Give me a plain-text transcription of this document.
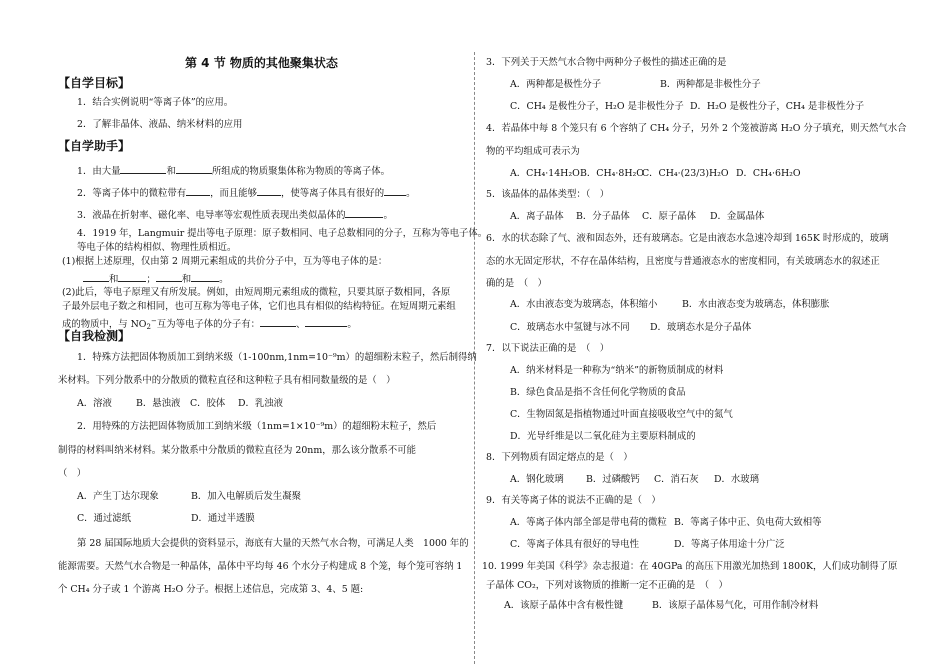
第 4 节 物质的其他聚集状态
【自学目标】
1．结合实例说明“等离子体”的应用。
2．了解非晶体、液晶、纳米材料的应用
【自学助手】
1．由大量	和	所组成的物质聚集体称为物质的等离子体。
2．等离子体中的微粒带有	，而且能够	，使等离子体具有很好的 。
3．液晶在折射率、磁化率、电导率等宏观性质表现出类似晶体的	。
4．1919 年，Langmuir 提出等电子原理：原子数相同、电子总数相同的分子，互称为等电子体。
等电子体的结构相似、物理性质相近。
(1)根据上述原理，仅由第 2 周期元素组成的共价分子中，互为等电子体的是：
和	；	和	。
(2)此后，等电子原理又有所发展。例如，由短周期元素组成的微粒，只要其原子数相同，各原
子最外层电子数之和相同，也可互称为等电子体，它们也具有相似的结构特征。在短周期元素组
成的物质中，与 $NO_2^-$互为等电子体的分子有：	、	。
【自我检测】
1．特殊方法把固体物质加工到纳米级（1-100nm,1nm=10⁻⁹m）的超细粉末粒子，然后制得纳
米材料。下列分散系中的分散质的微粒直径和这种粒子具有相同数量级的是（　）
A．溶液	B．悬浊液 C．胶体 D．乳浊液
2．用特殊的方法把固体物质加工到纳米级（1nm=1×10⁻⁹m）的超细粉末粒子，然后
制得的材料叫纳米材料。某分散系中分散质的微粒直径为 20nm，那么该分散系不可能
（　）
A．产生丁达尔现象	B．加入电解质后发生凝聚
C．通过滤纸	D．通过半透膜
第 28 届国际地质大会提供的资料显示，海底有大量的天然气水合物，可满足人类　1000 年的
能源需要。天然气水合物是一种晶体，晶体中平均每 46 个水分子构建成 8 个笼，每个笼可容纳 1
个 CH₄ 分子或 1 个游离 H₂O 分子。根据上述信息，完成第 3、4、5 题:
3．下列关于天然气水合物中两种分子极性的描述正确的是
A．两种都是极性分子	B．两种都是非极性分子
C．CH₄ 是极性分子，H₂O 是非极性分子 D．H₂O 是极性分子，CH₄ 是非极性分子
4．若晶体中每 8 个笼只有 6 个容纳了 CH₄ 分子，另外 2 个笼被游离 H₂O 分子填充，则天然气水合
物的平均组成可表示为
A．CH₄·14H₂O B．CH₄·8H₂O
C．CH₄·(23/3)H₂O D．CH₄·6H₂O
5．该晶体的晶体类型：（　）
A．离子晶体 B．分子晶体 C．原子晶体 D．金属晶体
6．水的状态除了气、液和固态外，还有玻璃态。它是由液态水急速冷却到 165K 时形成的，玻璃
态的水无固定形状，不存在晶体结构，且密度与普通液态水的密度相同，有关玻璃态水的叙述正
确的是　（　）
A．水由液态变为玻璃态，体积缩小	B．水由液态变为玻璃态，体积膨胀
C．玻璃态水中氢键与冰不同 D．玻璃态水是分子晶体
7．以下说法正确的是　（　）
A．纳米材料是一种称为“纳米”的新物质制成的材料
B．绿色食品是指不含任何化学物质的食品
C．生物固氮是指植物通过叶面直接吸收空气中的氮气
D．光导纤维是以二氧化硅为主要原料制成的
8．下列物质有固定熔点的是（　）
A．钢化玻璃 B．过磷酸钙 C．消石灰 D．水玻璃
9．有关等离子体的说法不正确的是（　）
A．等离子体内部全部是带电荷的微粒 B．等离子体中正、负电荷大致相等
C．等离子体具有很好的导电性	D．等离子体用途十分广泛
10. 1999 年美国《科学》杂志报道：在 40GPa 的高压下用激光加热到 1800K，人们成功制得了原
子晶体 CO₂，下列对该物质的推断一定不正确的是　（　）
A．该原子晶体中含有极性键	B．该原子晶体易气化，可用作制冷材料
